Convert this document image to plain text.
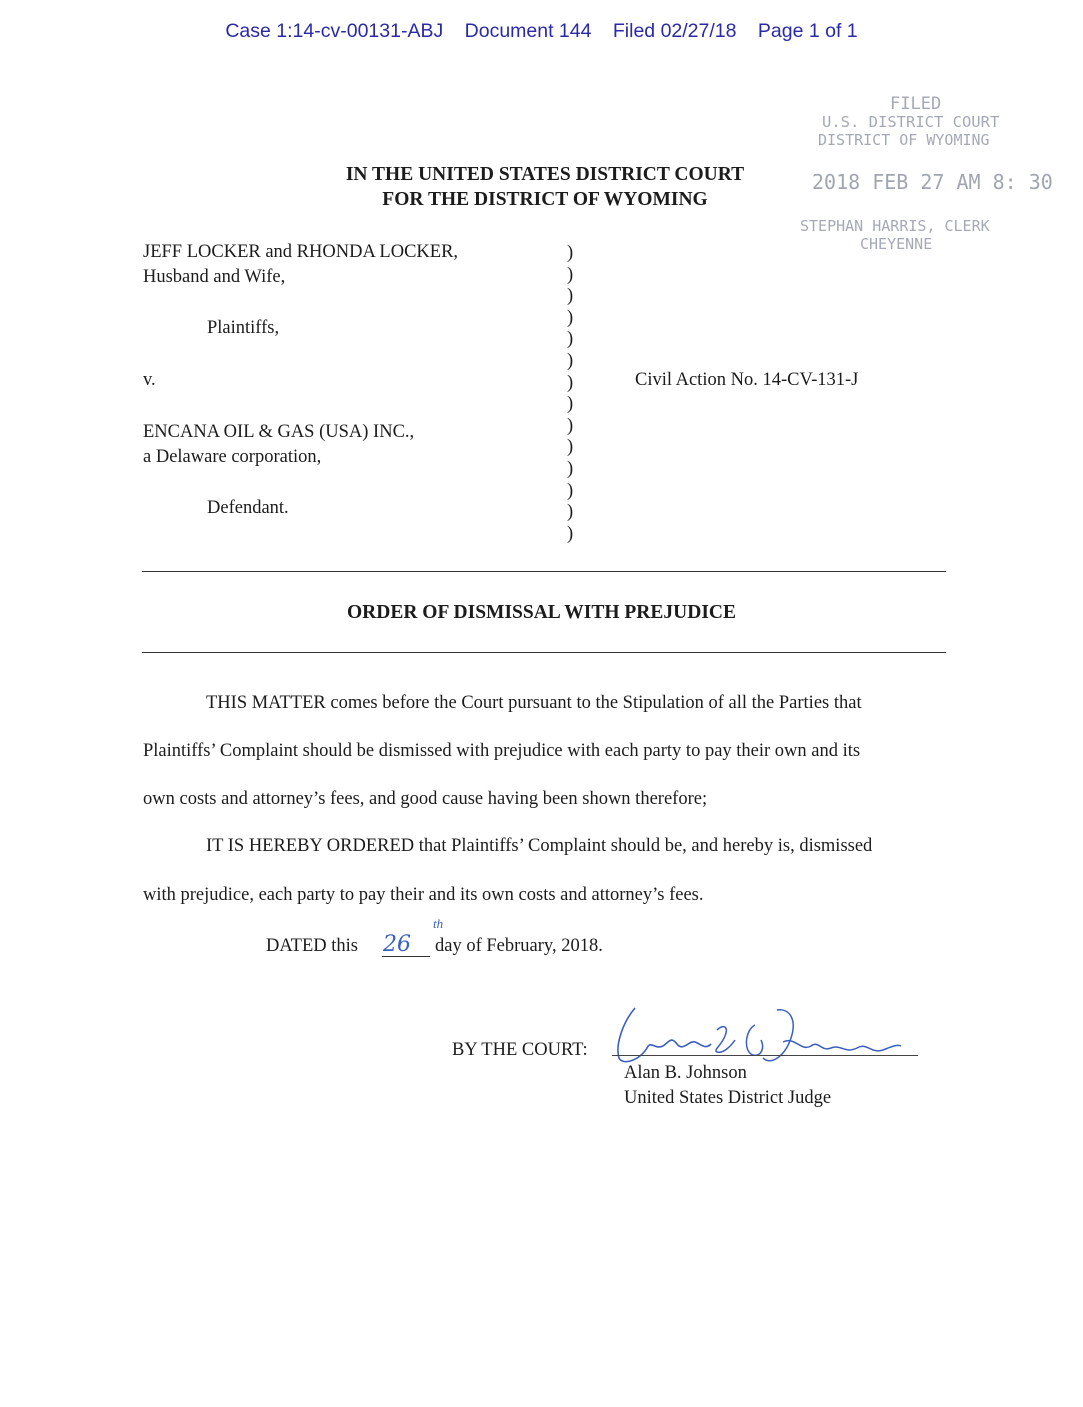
Case 1:14-cv-00131-ABJ Document 144 Filed 02/27/18 Page 1 of 1
FILED
U.S. DISTRICT COURT
DISTRICT OF WYOMING
2018 FEB 27 AM 8: 30
STEPHAN HARRIS, CLERK
CHEYENNE
IN THE UNITED STATES DISTRICT COURT
FOR THE DISTRICT OF WYOMING
JEFF LOCKER and RHONDA LOCKER,
Husband and Wife,
Plaintiffs,
v.
ENCANA OIL & GAS (USA) INC.,
a Delaware corporation,
Defendant.
)
)
)
)
)
)
)
)
)
)
)
)
)
)
Civil Action No. 14-CV-131-J
ORDER OF DISMISSAL WITH PREJUDICE
THIS MATTER comes before the Court pursuant to the Stipulation of all the Parties that
Plaintiffs’ Complaint should be dismissed with prejudice with each party to pay their own and its
own costs and attorney’s fees, and good cause having been shown therefore;
IT IS HEREBY ORDERED that Plaintiffs’ Complaint should be, and hereby is, dismissed
with prejudice, each party to pay their and its own costs and attorney’s fees.
DATED this 26
th
day of February, 2018.
BY THE COURT:
Alan B. Johnson
United States District Judge
